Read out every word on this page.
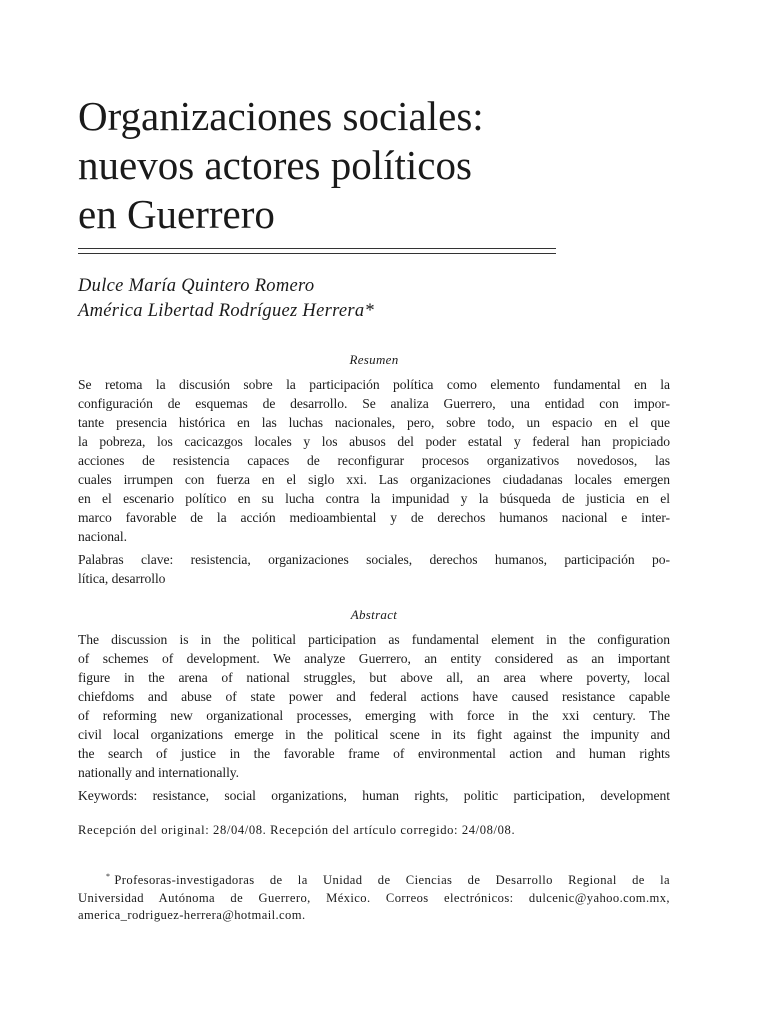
Organizaciones sociales:
nuevos actores políticos
en Guerrero
Dulce María Quintero Romero
América Libertad Rodríguez Herrera*
Resumen
Se retoma la discusión sobre la participación política como elemento fundamental en la
configuración de esquemas de desarrollo. Se analiza Guerrero, una entidad con impor-
tante presencia histórica en las luchas nacionales, pero, sobre todo, un espacio en el que
la pobreza, los cacicazgos locales y los abusos del poder estatal y federal han propiciado
acciones de resistencia capaces de reconfigurar procesos organizativos novedosos, las
cuales irrumpen con fuerza en el siglo xxi. Las organizaciones ciudadanas locales emergen
en el escenario político en su lucha contra la impunidad y la búsqueda de justicia en el
marco favorable de la acción medioambiental y de derechos humanos nacional e inter-
nacional.
Palabras clave: resistencia, organizaciones sociales, derechos humanos, participación po-
lítica, desarrollo
Abstract
The discussion is in the political participation as fundamental element in the configuration
of schemes of development. We analyze Guerrero, an entity considered as an important
figure in the arena of national struggles, but above all, an area where poverty, local
chiefdoms and abuse of state power and federal actions have caused resistance capable
of reforming new organizational processes, emerging with force in the xxi century. The
civil local organizations emerge in the political scene in its fight against the impunity and
the search of justice in the favorable frame of environmental action and human rights
nationally and internationally.
Keywords: resistance, social organizations, human rights, politic participation, development
Recepción del original: 28/04/08. Recepción del artículo corregido: 24/08/08.
* Profesoras-investigadoras de la Unidad de Ciencias de Desarrollo Regional de la
Universidad Autónoma de Guerrero, México. Correos electrónicos: dulcenic@yahoo.com.mx,
america_rodriguez-herrera@hotmail.com.
